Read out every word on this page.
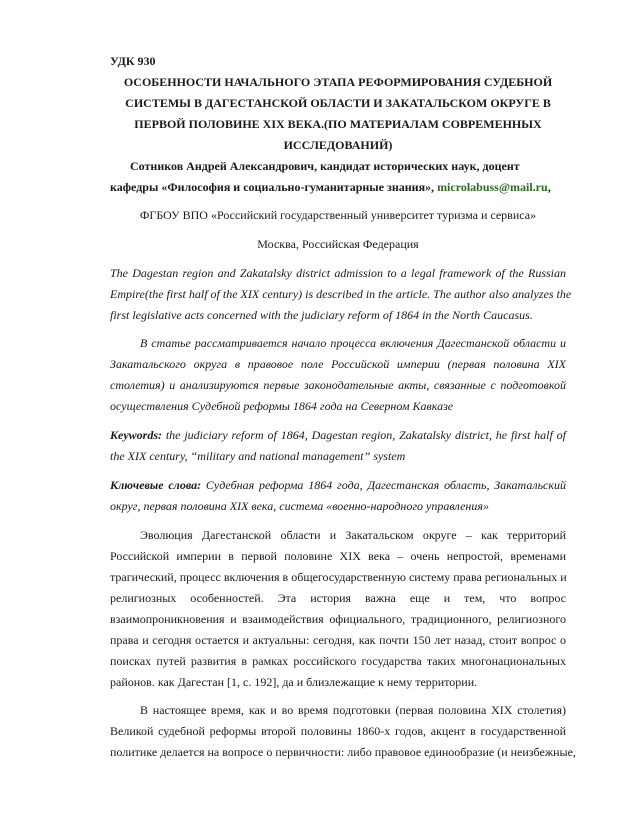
УДК 930
ОСОБЕННОСТИ НАЧАЛЬНОГО ЭТАПА РЕФОРМИРОВАНИЯ СУДЕБНОЙ
СИСТЕМЫ В ДАГЕСТАНСКОЙ ОБЛАСТИ И ЗАКАТАЛЬСКОМ ОКРУГЕ В
ПЕРВОЙ ПОЛОВИНЕ XIX ВЕКА.(ПО МАТЕРИАЛАМ СОВРЕМЕННЫХ
ИССЛЕДОВАНИЙ)
Сотников Андрей Александрович, кандидат исторических наук, доцент
кафедры «Философия и социально-гуманитарные знания», microlabuss@mail.ru,
ФГБОУ ВПО «Российский государственный университет туризма и сервиса»
Москва, Российская Федерация
The Dagestan region and Zakatalsky district admission to a legal framework of the Russian
Empire(the first half of the XIX century) is described in the article. The author also analyzes the
first legislative acts concerned with the judiciary reform of 1864 in the North Caucasus.
В статье рассматривается начало процесса включения Дагестанской области и
Закатальского округа в правовое поле Российской империи (первая половина XIX
столетия) и анализируются первые законодательные акты, связанные с подготовкой
осуществления Судебной реформы 1864 года на Северном Кавказе
Keywords: the judiciary reform of 1864, Dagestan region, Zakatalsky district, he first half of
the XIX century, “military and national management” system
Ключевые слова: Судебная реформа 1864 года, Дагестанская область, Закатальский
округ, первая половина XIX века, система «военно-народного управления»
Эволюция Дагестанской области и Закатальском округе – как территорий
Российской империи в первой половине XIX века – очень непростой, временами
трагический, процесс включения в общегосударственную систему права региональных и
религиозных особенностей. Эта история важна еще и тем, что вопрос
взаимопроникновения и взаимодействия официального, традиционного, религиозного
права и сегодня остается и актуальны: сегодня, как почти 150 лет назад, стоит вопрос о
поисках путей развития в рамках российского государства таких многонациональных
районов. как Дагестан [1, с. 192], да и близлежащие к нему территории.
В настоящее время, как и во время подготовки (первая половина XIX столетия)
Великой судебной реформы второй половины 1860-х годов, акцент в государственной
политике делается на вопросе о первичности: либо правовое единообразие (и неизбежные,
